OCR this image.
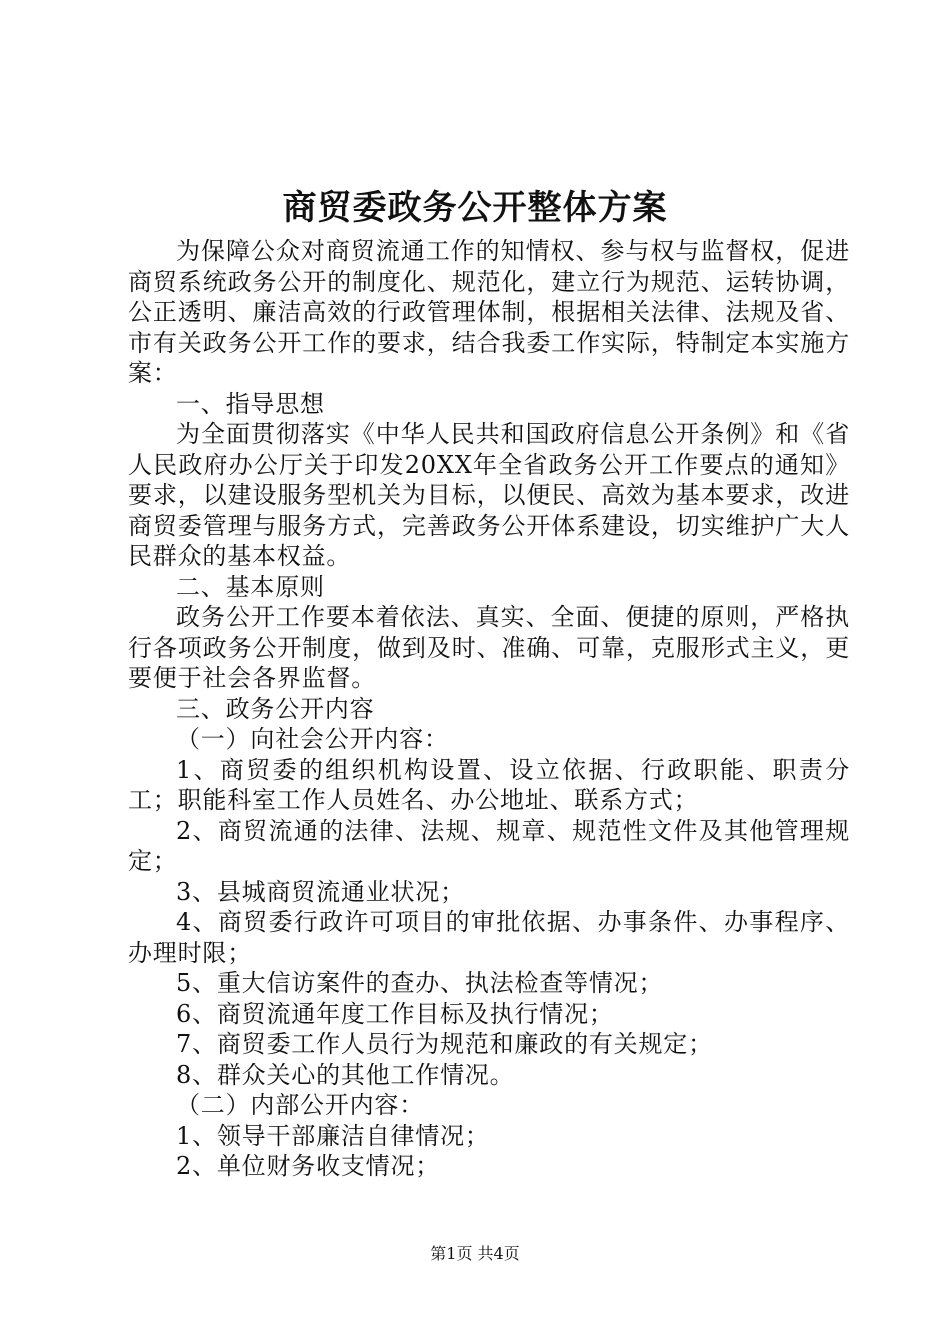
商贸委政务公开整体方案

为保障公众对商贸流通工作的知情权、参与权与监督权，促进商贸系统政务公开的制度化、规范化，建立行为规范、运转协调，公正透明、廉洁高效的行政管理体制，根据相关法律、法规及省、市有关政务公开工作的要求，结合我委工作实际，特制定本实施方案：

一、指导思想

为全面贯彻落实《中华人民共和国政府信息公开条例》和《省人民政府办公厅关于印发20XX年全省政务公开工作要点的通知》要求，以建设服务型机关为目标，以便民、高效为基本要求，改进商贸委管理与服务方式，完善政务公开体系建设，切实维护广大人民群众的基本权益。

二、基本原则

政务公开工作要本着依法、真实、全面、便捷的原则，严格执行各项政务公开制度，做到及时、准确、可靠，克服形式主义，更要便于社会各界监督。

三、政务公开内容

（一）向社会公开内容：

1、商贸委的组织机构设置、设立依据、行政职能、职责分工；职能科室工作人员姓名、办公地址、联系方式；

2、商贸流通的法律、法规、规章、规范性文件及其他管理规定；

3、县城商贸流通业状况；

4、商贸委行政许可项目的审批依据、办事条件、办事程序、办理时限；

5、重大信访案件的查办、执法检查等情况；

6、商贸流通年度工作目标及执行情况；

7、商贸委工作人员行为规范和廉政的有关规定；

8、群众关心的其他工作情况。

（二）内部公开内容：

1、领导干部廉洁自律情况；

2、单位财务收支情况；

第1页 共4页
